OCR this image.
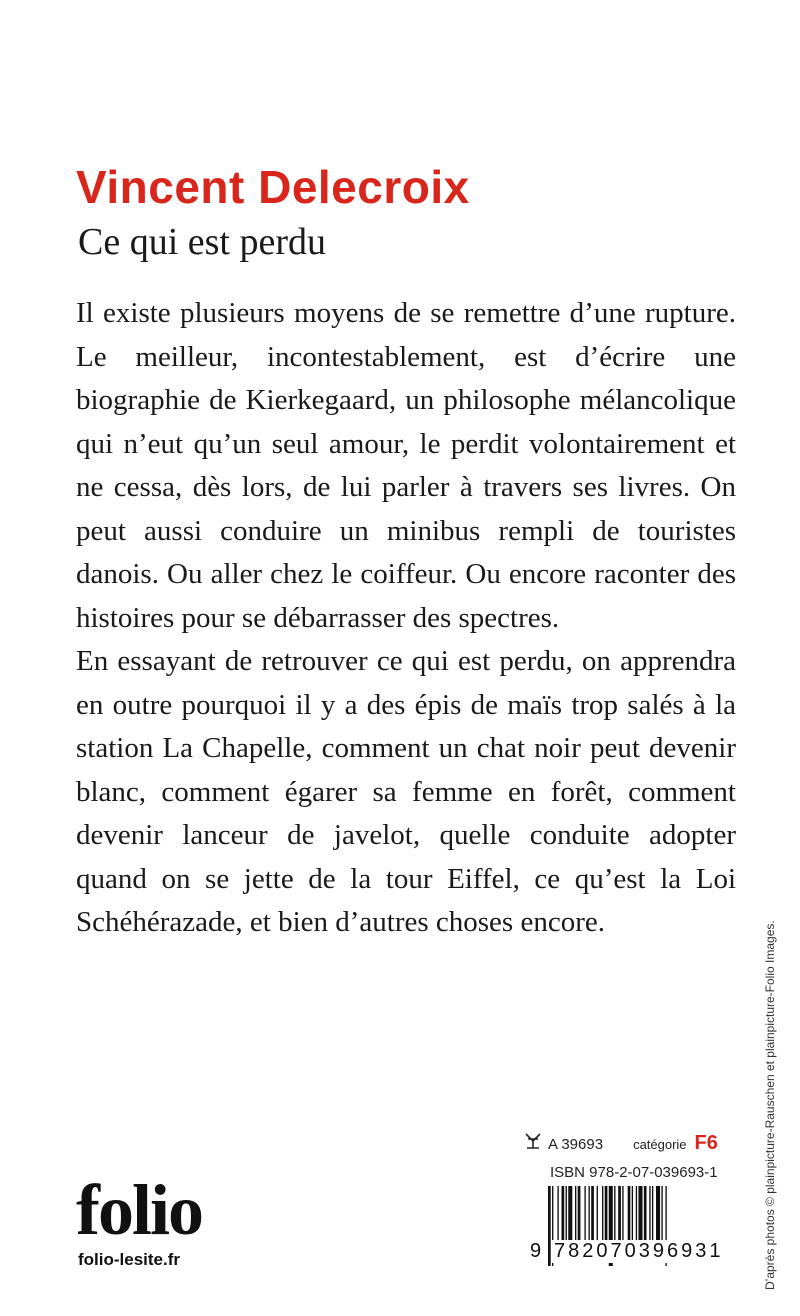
Vincent Delecroix
Ce qui est perdu

Il existe plusieurs moyens de se remettre d’une rupture. Le meilleur, incontestablement, est d’écrire une biographie de Kierkegaard, un philosophe mélancolique qui n’eut qu’un seul amour, le perdit volontairement et ne cessa, dès lors, de lui parler à travers ses livres. On peut aussi conduire un minibus rempli de touristes danois. Ou aller chez le coiffeur. Ou encore raconter des histoires pour se débarrasser des spectres.

En essayant de retrouver ce qui est perdu, on apprendra en outre pourquoi il y a des épis de maïs trop salés à la station La Chapelle, comment un chat noir peut devenir blanc, comment égarer sa femme en forêt, comment devenir lanceur de javelot, quelle conduite adopter quand on se jette de la tour Eiffel, ce qu’est la Loi Schéhérazade, et bien d’autres choses encore.	D’après photos © plainpicture-Rauschen et plainpicture-Folio Images.
A 39693 catégorie F6
ISBN 978-2-07-039693-1
9 782070396931
folio
folio-lesite.fr
